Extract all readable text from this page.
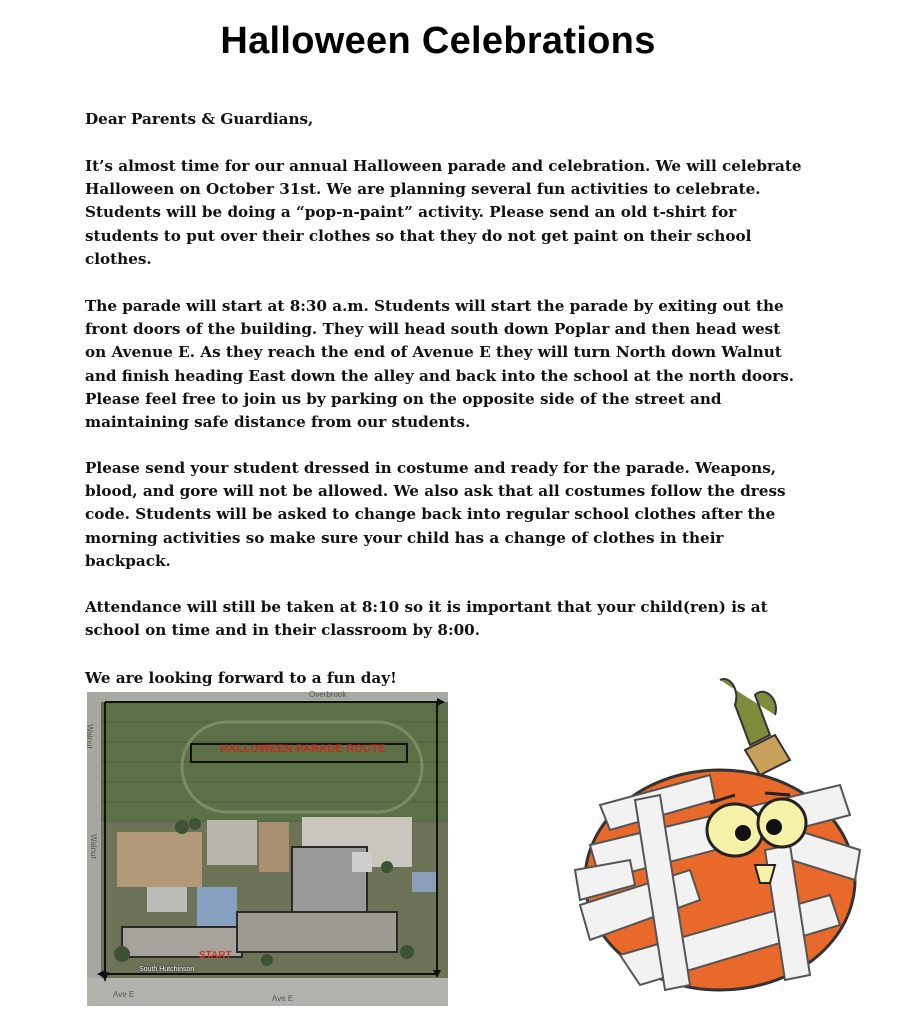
Halloween Celebrations

Dear Parents & Guardians,

It’s almost time for our annual Halloween parade and celebration. We will celebrate Halloween on October 31st. We are planning several fun activities to celebrate. Students will be doing a “pop-n-paint” activity. Please send an old t-shirt for students to put over their clothes so that they do not get paint on their school clothes.

The parade will start at 8:30 a.m. Students will start the parade by exiting out the front doors of the building. They will head south down Poplar and then head west on Avenue E. As they reach the end of Avenue E they will turn North down Walnut and finish heading East down the alley and back into the school at the north doors. Please feel free to join us by parking on the opposite side of the street and maintaining safe distance from our students.

Please send your student dressed in costume and ready for the parade. Weapons, blood, and gore will not be allowed. We also ask that all costumes follow the dress code. Students will be asked to change back into regular school clothes after the morning activities so make sure your child has a change of clothes in their backpack.

Attendance will still be taken at 8:10 so it is important that your child(ren) is at school on time and in their classroom by 8:00.

We are looking forward to a fun day!

HALLOWEEN PARADE ROUTE
START
South Hutchinson
Overbrook
Walnut
Walnut
Ave E	Ave E
